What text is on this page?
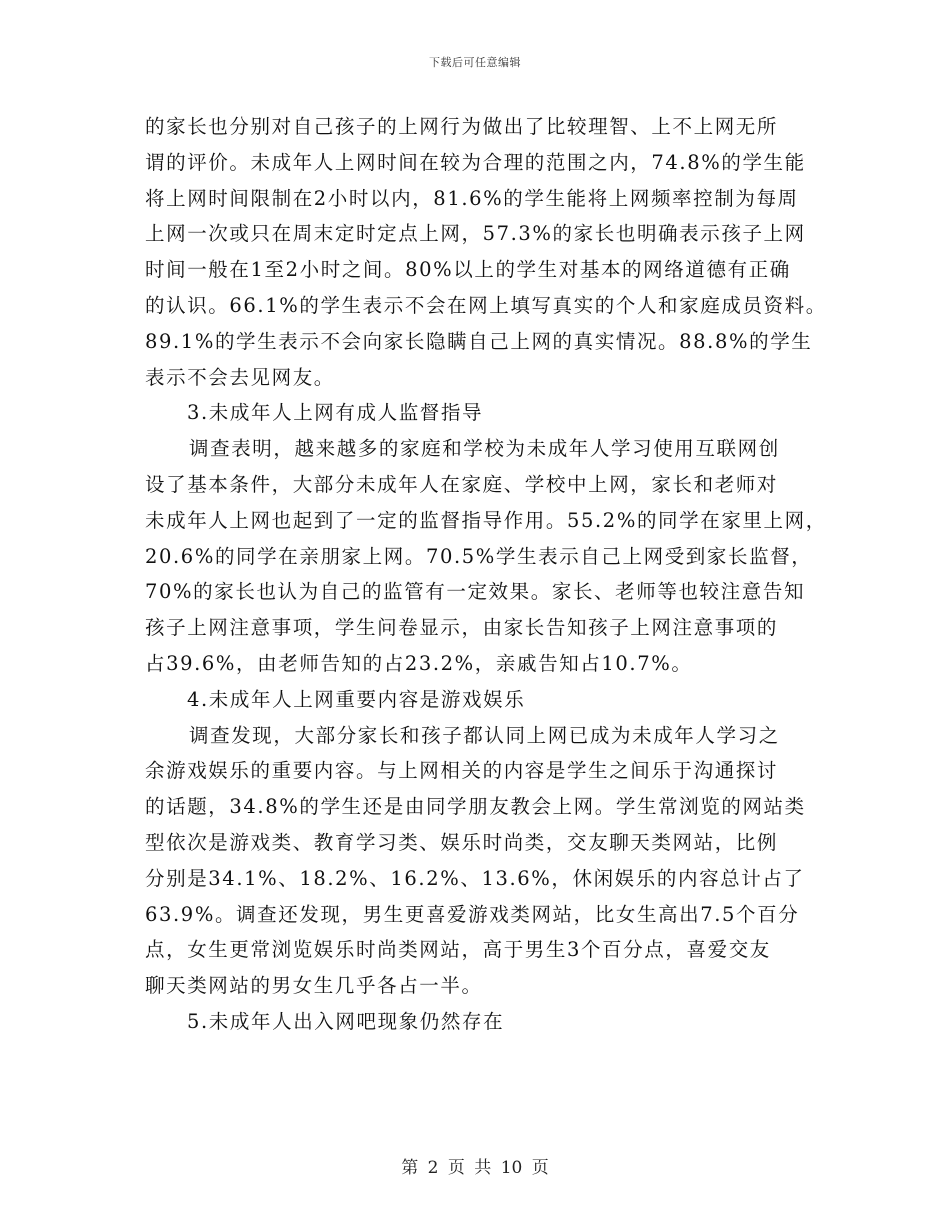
下载后可任意编辑
的家长也分别对自己孩子的上网行为做出了比较理智、上不上网无所
谓的评价。未成年人上网时间在较为合理的范围之内，74.8%的学生能
将上网时间限制在2小时以内，81.6%的学生能将上网频率控制为每周
上网一次或只在周末定时定点上网，57.3%的家长也明确表示孩子上网
时间一般在1至2小时之间。80%以上的学生对基本的网络道德有正确
的认识。66.1%的学生表示不会在网上填写真实的个人和家庭成员资料。
89.1%的学生表示不会向家长隐瞒自己上网的真实情况。88.8%的学生
表示不会去见网友。
3.未成年人上网有成人监督指导
调查表明，越来越多的家庭和学校为未成年人学习使用互联网创
设了基本条件，大部分未成年人在家庭、学校中上网，家长和老师对
未成年人上网也起到了一定的监督指导作用。55.2%的同学在家里上网，
20.6%的同学在亲朋家上网。70.5%学生表示自己上网受到家长监督，
70%的家长也认为自己的监管有一定效果。家长、老师等也较注意告知
孩子上网注意事项，学生问卷显示，由家长告知孩子上网注意事项的
占39.6%，由老师告知的占23.2%，亲戚告知占10.7%。
4.未成年人上网重要内容是游戏娱乐
调查发现，大部分家长和孩子都认同上网已成为未成年人学习之
余游戏娱乐的重要内容。与上网相关的内容是学生之间乐于沟通探讨
的话题，34.8%的学生还是由同学朋友教会上网。学生常浏览的网站类
型依次是游戏类、教育学习类、娱乐时尚类，交友聊天类网站，比例
分别是34.1%、18.2%、16.2%、13.6%，休闲娱乐的内容总计占了
63.9%。调查还发现，男生更喜爱游戏类网站，比女生高出7.5个百分
点，女生更常浏览娱乐时尚类网站，高于男生3个百分点，喜爱交友
聊天类网站的男女生几乎各占一半。
5.未成年人出入网吧现象仍然存在
第 2 页 共 10 页
